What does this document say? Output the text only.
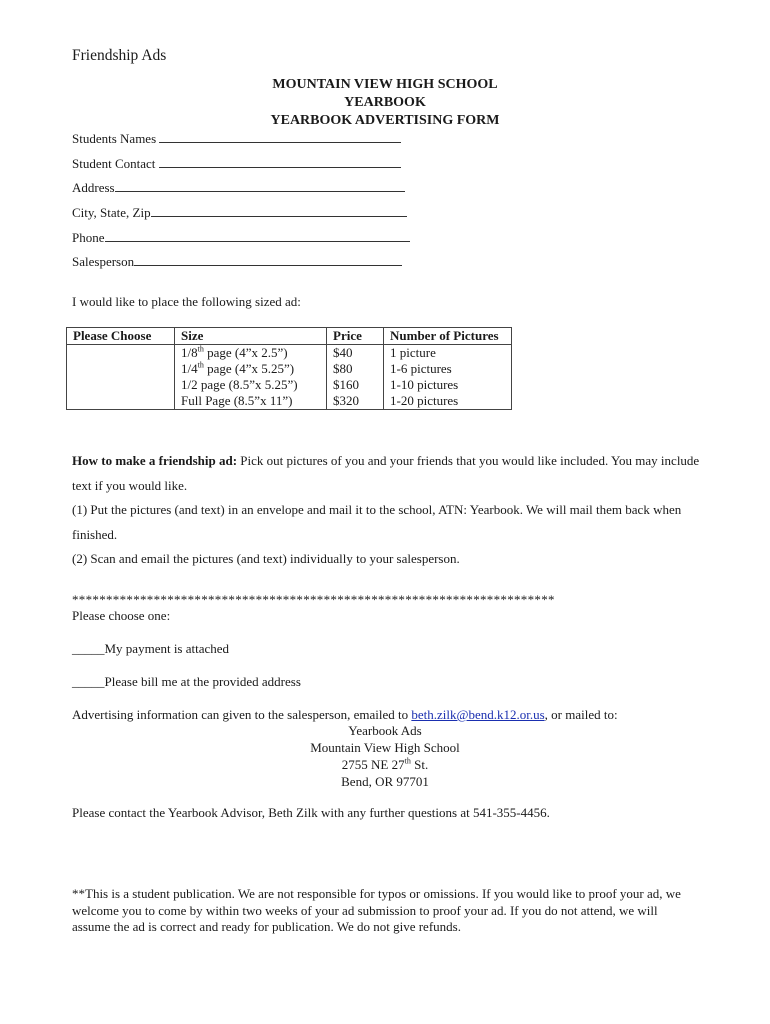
Friendship Ads
MOUNTAIN VIEW HIGH SCHOOL
YEARBOOK
YEARBOOK ADVERTISING FORM
Students Names
Student Contact
Address
City, State, Zip
Phone
Salesperson
I would like to place the following sized ad:
Please Choose	Size	Price	Number of Pictures
	1/8th page (4”x 2.5”)	$40	1 picture
	1/4th page (4”x 5.25”)	$80	1-6 pictures
	1/2 page (8.5”x 5.25”)	$160	1-10 pictures
	Full Page (8.5”x 11”)	$320	1-20 pictures
How to make a friendship ad: Pick out pictures of you and your friends that you would like included. You may include text if you would like.
(1) Put the pictures (and text) in an envelope and mail it to the school, ATN: Yearbook. We will mail them back when finished.
(2) Scan and email the pictures (and text) individually to your salesperson.
***********************************************************************
Please choose one:
_____My payment is attached
_____Please bill me at the provided address
Advertising information can given to the salesperson, emailed to beth.zilk@bend.k12.or.us, or mailed to:
Yearbook Ads
Mountain View High School
2755 NE 27th St.
Bend, OR 97701
Please contact the Yearbook Advisor, Beth Zilk with any further questions at 541-355-4456.
**This is a student publication. We are not responsible for typos or omissions. If you would like to proof your ad, we welcome you to come by within two weeks of your ad submission to proof your ad. If you do not attend, we will assume the ad is correct and ready for publication. We do not give refunds.
